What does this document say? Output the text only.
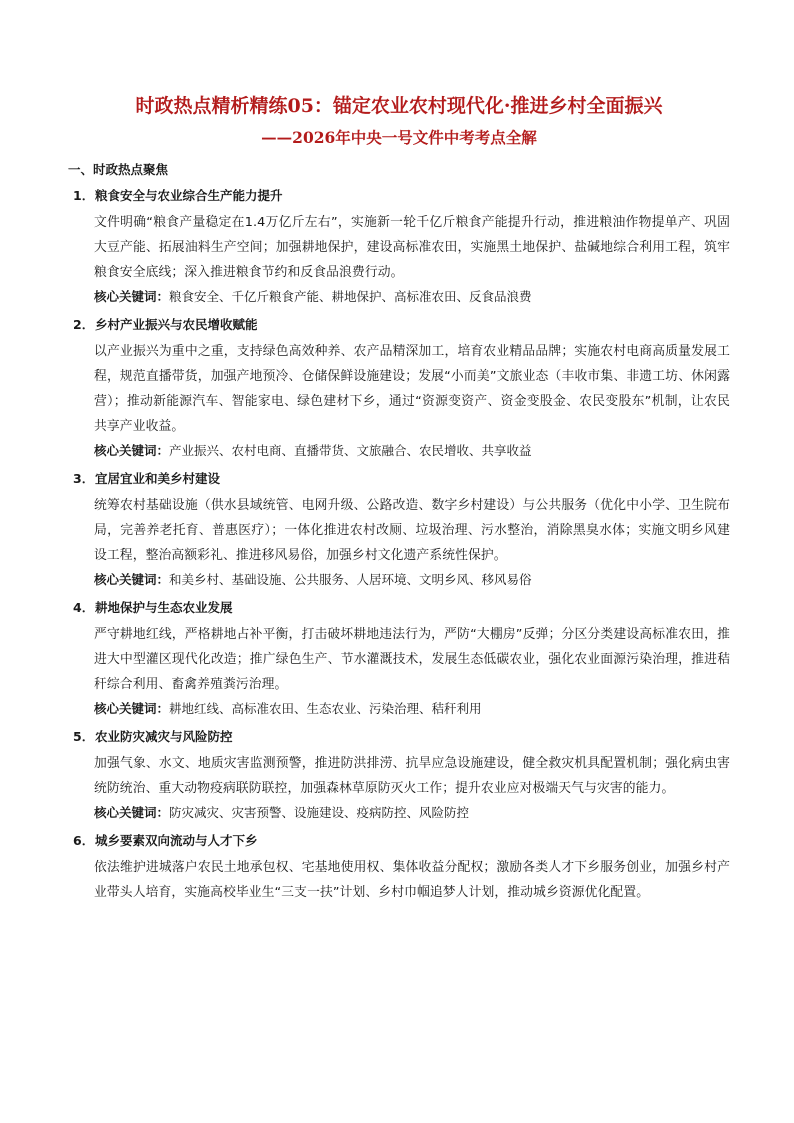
时政热点精析精练05：锚定农业农村现代化·推进乡村全面振兴
——2026年中央一号文件中考考点全解
一、时政热点聚焦
1． 粮食安全与农业综合生产能力提升

文件明确“粮食产量稳定在1.4万亿斤左右”，实施新一轮千亿斤粮食产能提升行动，推进粮油作物提单产、巩固大豆产能、拓展油料生产空间；加强耕地保护，建设高标准农田，实施黑土地保护、盐碱地综合利用工程，筑牢粮食安全底线；深入推进粮食节约和反食品浪费行动。

核心关键词：粮食安全、千亿斤粮食产能、耕地保护、高标准农田、反食品浪费
2． 乡村产业振兴与农民增收赋能

以产业振兴为重中之重，支持绿色高效种养、农产品精深加工，培育农业精品品牌；实施农村电商高质量发展工程，规范直播带货，加强产地预冷、仓储保鲜设施建设；发展“小而美”文旅业态（丰收市集、非遗工坊、休闲露营）；推动新能源汽车、智能家电、绿色建材下乡，通过“资源变资产、资金变股金、农民变股东”机制，让农民共享产业收益。

核心关键词：产业振兴、农村电商、直播带货、文旅融合、农民增收、共享收益
3． 宜居宜业和美乡村建设

统筹农村基础设施（供水县域统管、电网升级、公路改造、数字乡村建设）与公共服务（优化中小学、卫生院布局，完善养老托育、普惠医疗）；一体化推进农村改厕、垃圾治理、污水整治，消除黑臭水体；实施文明乡风建设工程，整治高额彩礼、推进移风易俗，加强乡村文化遗产系统性保护。

核心关键词：和美乡村、基础设施、公共服务、人居环境、文明乡风、移风易俗
4． 耕地保护与生态农业发展

严守耕地红线，严格耕地占补平衡，打击破坏耕地违法行为，严防“大棚房”反弹；分区分类建设高标准农田，推进大中型灌区现代化改造；推广绿色生产、节水灌溉技术，发展生态低碳农业，强化农业面源污染治理，推进秸秆综合利用、畜禽养殖粪污治理。

核心关键词：耕地红线、高标准农田、生态农业、污染治理、秸秆利用
5． 农业防灾减灾与风险防控

加强气象、水文、地质灾害监测预警，推进防洪排涝、抗旱应急设施建设，健全救灾机具配置机制；强化病虫害统防统治、重大动物疫病联防联控，加强森林草原防灭火工作；提升农业应对极端天气与灾害的能力。

核心关键词：防灾减灾、灾害预警、设施建设、疫病防控、风险防控
6． 城乡要素双向流动与人才下乡

依法维护进城落户农民土地承包权、宅基地使用权、集体收益分配权；激励各类人才下乡服务创业，加强乡村产业带头人培育，实施高校毕业生“三支一扶”计划、乡村巾帼追梦人计划，推动城乡资源优化配置。
